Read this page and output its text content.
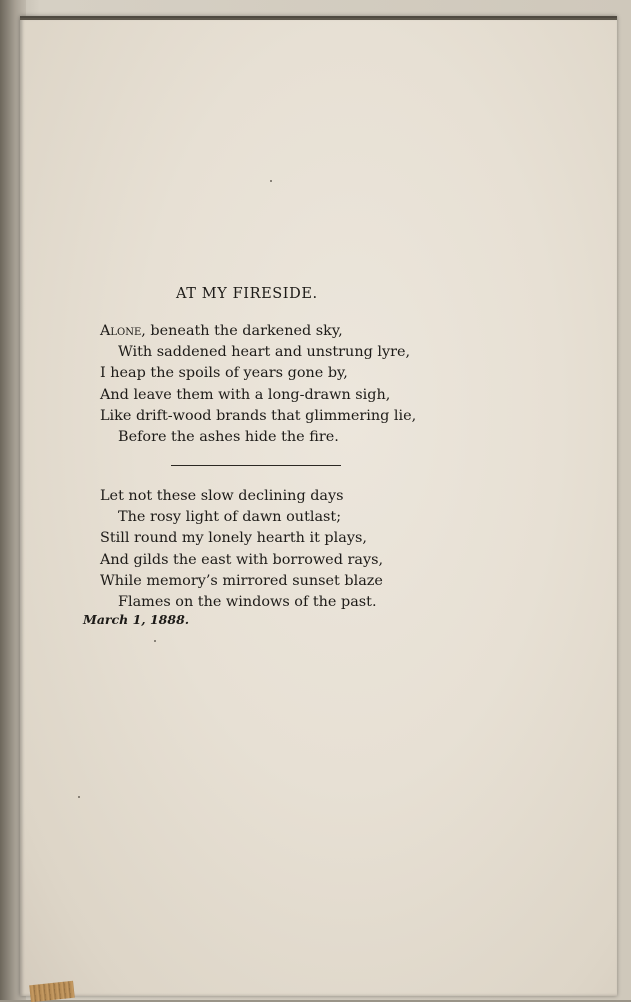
AT MY FIRESIDE.
Alone, beneath the darkened sky,
With saddened heart and unstrung lyre,
I heap the spoils of years gone by,
And leave them with a long-drawn sigh,
Like drift-wood brands that glimmering lie,
Before the ashes hide the fire.
Let not these slow declining days
The rosy light of dawn outlast;
Still round my lonely hearth it plays,
And gilds the east with borrowed rays,
While memory’s mirrored sunset blaze
Flames on the windows of the past.
March 1, 1888.
